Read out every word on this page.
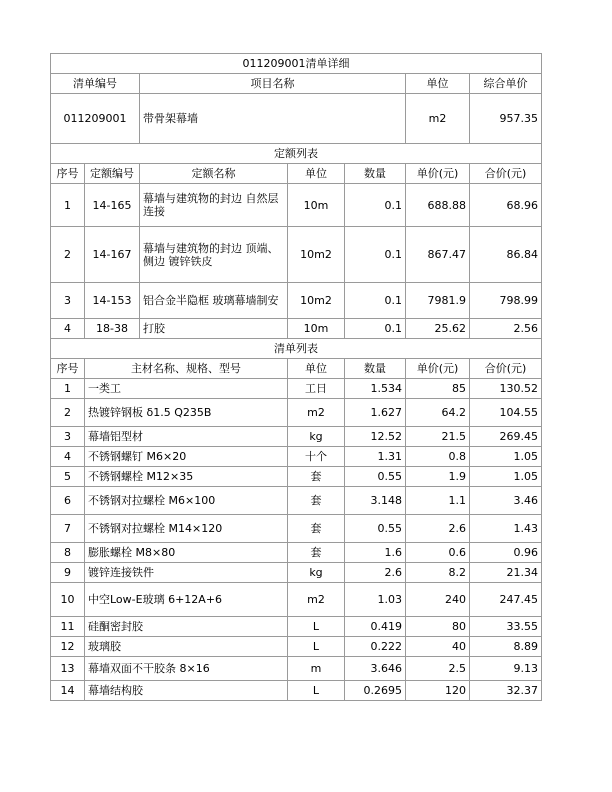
011209001清单详细						
清单编号		项目名称			单位	综合单价
011209001		带骨架幕墙			m2	957.35
定额列表						
序号	定额编号	定额名称	单位	数量	单价(元)	合价(元)
1	14-165	幕墙与建筑物的封边 自然层连接	10m	0.1	688.88	68.96
2	14-167	幕墙与建筑物的封边 顶端、侧边 镀锌铁皮	10m2	0.1	867.47	86.84
3	14-153	铝合金半隐框 玻璃幕墙制安	10m2	0.1	7981.9	798.99
4	18-38	打胶	10m	0.1	25.62	2.56
清单列表						
序号	主材名称、规格、型号		单位	数量	单价(元)	合价(元)
1	一类工		工日	1.534	85	130.52
2	热镀锌钢板 δ1.5 Q235B		m2	1.627	64.2	104.55
3	幕墙铝型材		kg	12.52	21.5	269.45
4	不锈钢螺钉 M6×20		十个	1.31	0.8	1.05
5	不锈钢螺栓 M12×35		套	0.55	1.9	1.05
6	不锈钢对拉螺栓 M6×100		套	3.148	1.1	3.46
7	不锈钢对拉螺栓 M14×120		套	0.55	2.6	1.43
8	膨胀螺栓 M8×80		套	1.6	0.6	0.96
9	镀锌连接铁件		kg	2.6	8.2	21.34
10	中空Low-E玻璃 6+12A+6		m2	1.03	240	247.45
11	硅酮密封胶		L	0.419	80	33.55
12	玻璃胶		L	0.222	40	8.89
13	幕墙双面不干胶条 8×16		m	3.646	2.5	9.13
14	幕墙结构胶		L	0.2695	120	32.37
